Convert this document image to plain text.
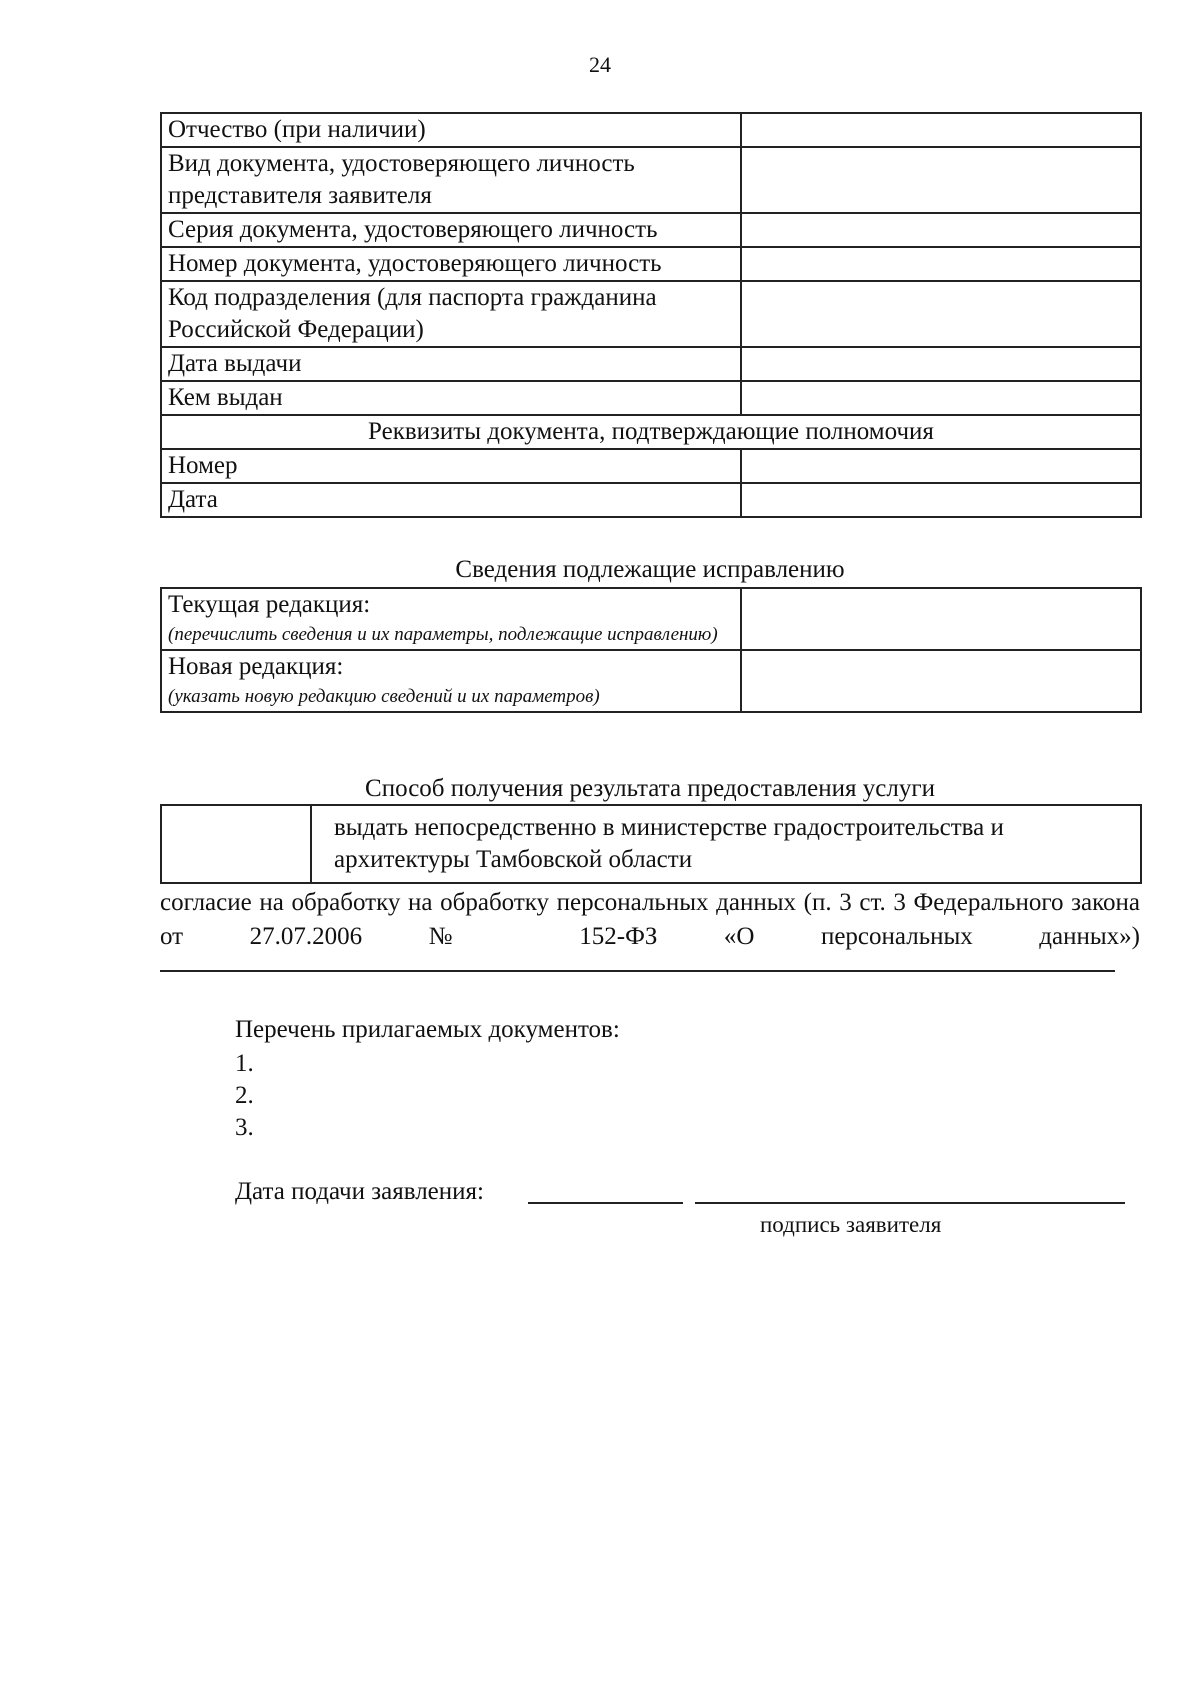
24
Отчество (при наличии)	
Вид документа, удостоверяющего личность представителя заявителя	
Серия документа, удостоверяющего личность	
Номер документа, удостоверяющего личность	
Код подразделения (для паспорта гражданина Российской Федерации)	
Дата выдачи	
Кем выдан	
Реквизиты документа, подтверждающие полномочия	
Номер	
Дата	
Сведения подлежащие исправлению
Текущая редакция:
(перечислить сведения и их параметры, подлежащие исправлению)	

Новая редакция:
(указать новую редакцию сведений и их параметров)	

Способ получения результата предоставления услуги
	выдать непосредственно в министерстве градостроительства и архитектуры Тамбовской области
согласие на обработку на обработку персональных данных (п. 3 ст. 3 Федерального закона от 27.07.2006 № 152-ФЗ «О персональных данных»)
Перечень прилагаемых документов:
1.
2.
3.
Дата подачи заявления:
подпись заявителя
